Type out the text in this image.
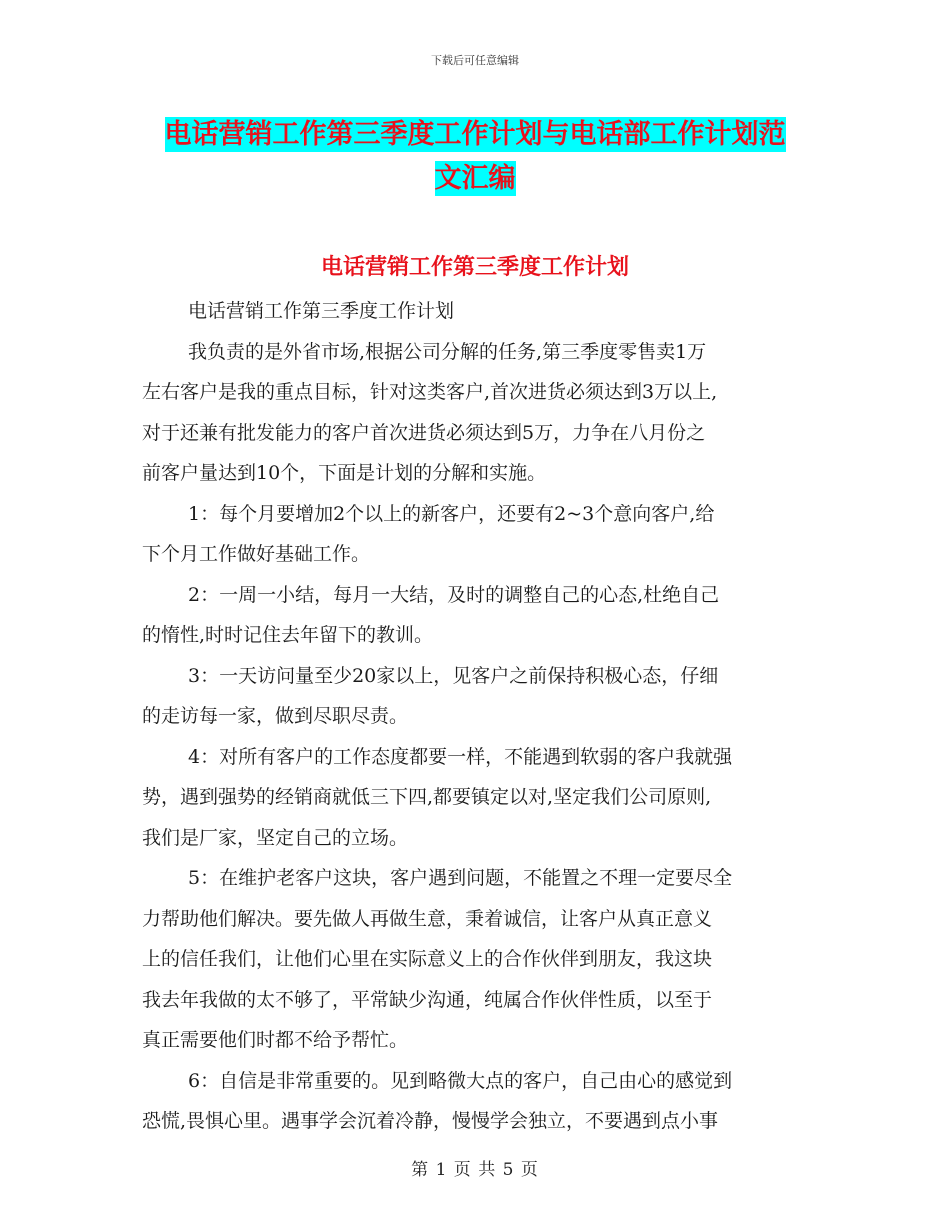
下载后可任意编辑
电话营销工作第三季度工作计划与电话部工作计划范
文汇编
电话营销工作第三季度工作计划

电话营销工作第三季度工作计划

我负责的是外省市场,根据公司分解的任务,第三季度零售卖1万

左右客户是我的重点目标，针对这类客户,首次进货必须达到3万以上,

对于还兼有批发能力的客户首次进货必须达到5万，力争在八月份之

前客户量达到10个，下面是计划的分解和实施。

1：每个月要增加2个以上的新客户，还要有2~3个意向客户,给

下个月工作做好基础工作。

2：一周一小结，每月一大结，及时的调整自己的心态,杜绝自己

的惰性,时时记住去年留下的教训。

3：一天访问量至少20家以上，见客户之前保持积极心态，仔细

的走访每一家，做到尽职尽责。

4：对所有客户的工作态度都要一样，不能遇到软弱的客户我就强

势，遇到强势的经销商就低三下四,都要镇定以对,坚定我们公司原则,

我们是厂家，坚定自己的立场。

5：在维护老客户这块，客户遇到问题，不能置之不理一定要尽全

力帮助他们解决。要先做人再做生意，秉着诚信，让客户从真正意义

上的信任我们，让他们心里在实际意义上的合作伙伴到朋友，我这块

我去年我做的太不够了，平常缺少沟通，纯属合作伙伴性质，以至于

真正需要他们时都不给予帮忙。

6：自信是非常重要的。见到略微大点的客户，自己由心的感觉到

恐慌,畏惧心里。遇事学会沉着冷静，慢慢学会独立，不要遇到点小事

第 1 页 共 5 页
